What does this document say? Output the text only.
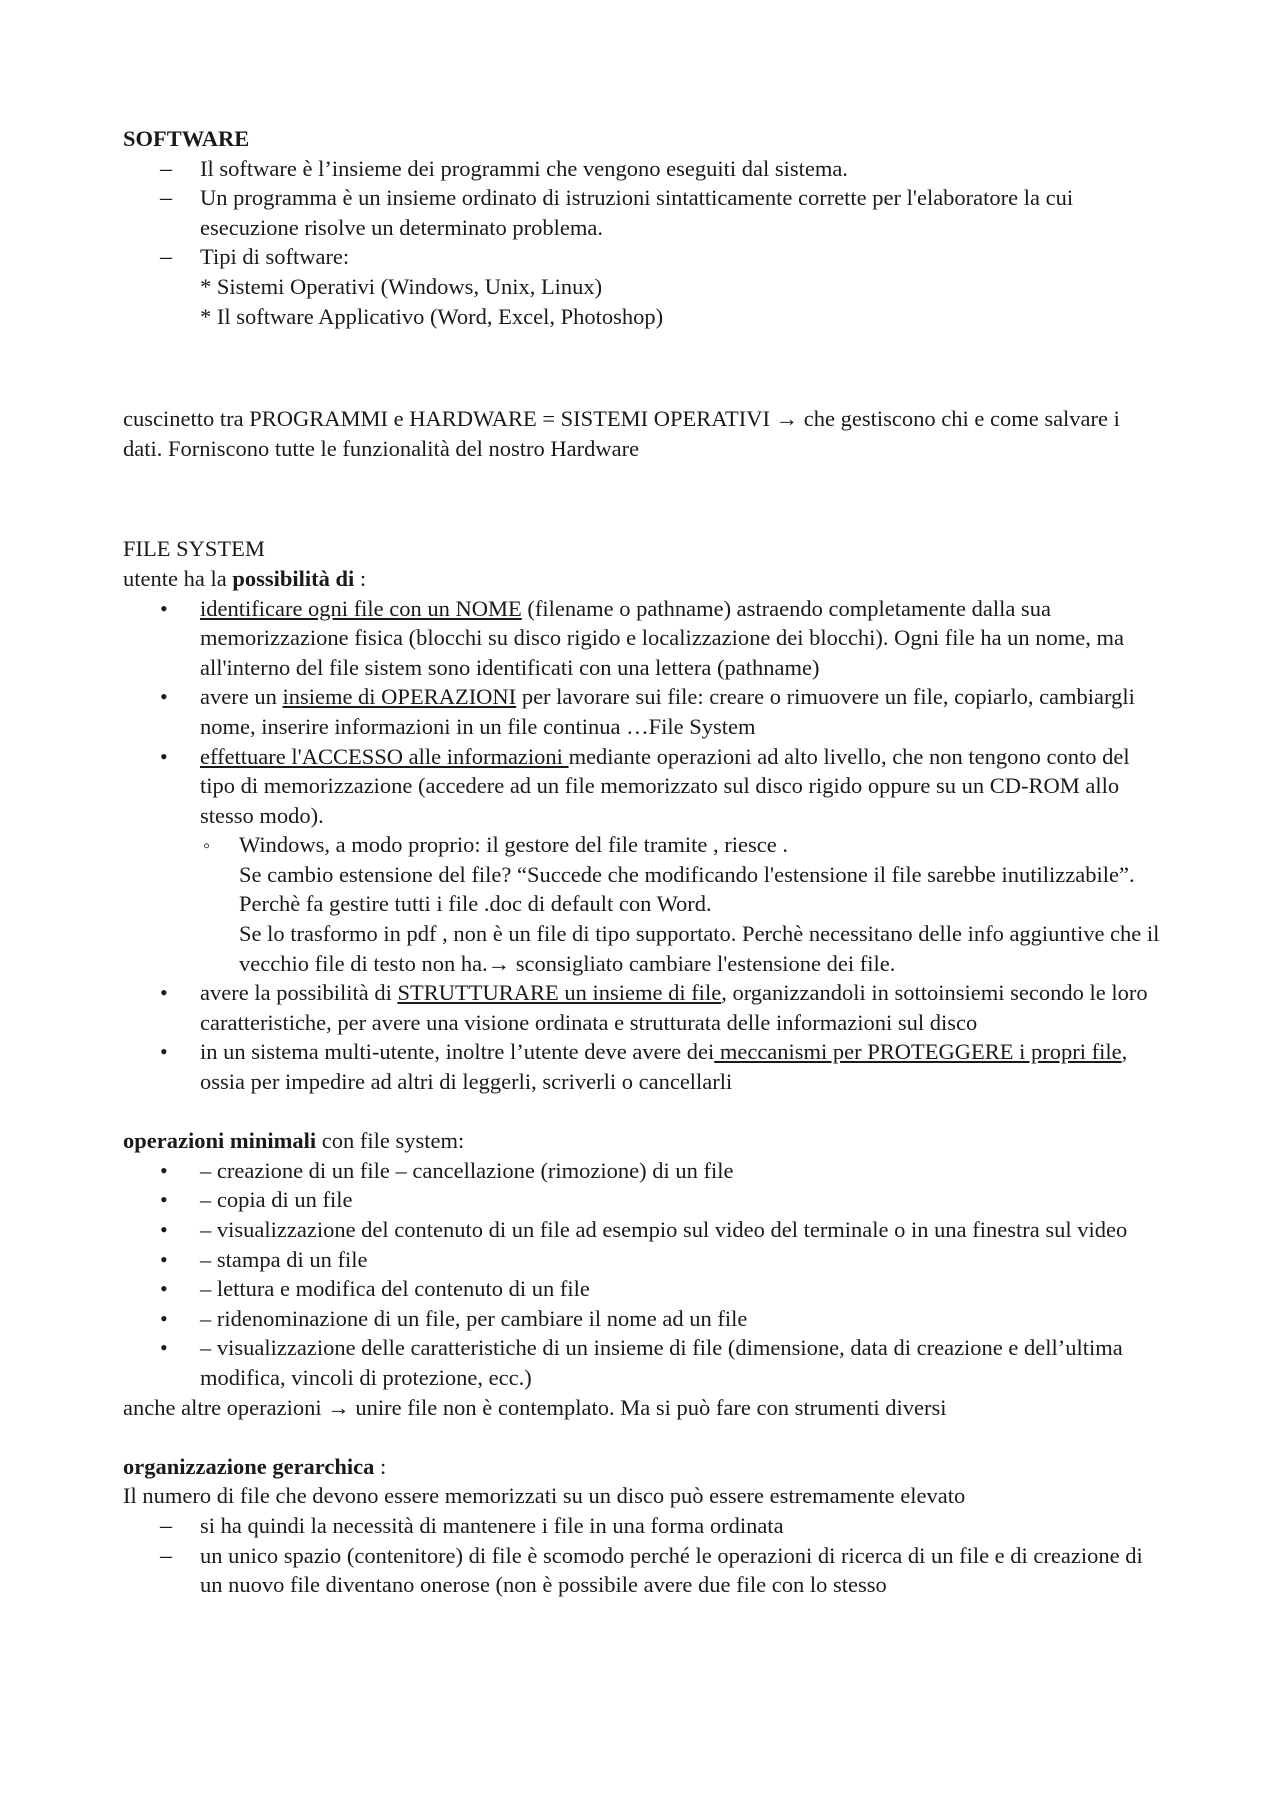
SOFTWARE

–
Il software è l’insieme dei programmi che vengono eseguiti dal sistema.
–
Un programma è un insieme ordinato di istruzioni sintatticamente corrette per l'elaboratore la cui esecuzione risolve un determinato problema.
–
Tipi di software:
* Sistemi Operativi (Windows, Unix, Linux)
* Il software Applicativo (Word, Excel, Photoshop)

cuscinetto tra PROGRAMMI e HARDWARE = SISTEMI OPERATIVI → che gestiscono chi e come salvare i dati. Forniscono tutte le funzionalità del nostro Hardware

FILE SYSTEM

utente ha la possibilità di :

•
identificare ogni file con un NOME (filename o pathname) astraendo completamente dalla sua memorizzazione fisica (blocchi su disco rigido e localizzazione dei blocchi). Ogni file ha un nome, ma all'interno del file sistem sono identificati con una lettera (pathname)
•
avere un insieme di OPERAZIONI per lavorare sui file: creare o rimuovere un file, copiarlo, cambiargli nome, inserire informazioni in un file continua …File System
•
effettuare l'ACCESSO alle informazioni mediante operazioni ad alto livello, che non tengono conto del tipo di memorizzazione (accedere ad un file memorizzato sul disco rigido oppure su un CD-ROM allo stesso modo).
◦
Windows, a modo proprio: il gestore del file tramite , riesce .
Se cambio estensione del file? “Succede che modificando l'estensione il file sarebbe inutilizzabile”. Perchè fa gestire tutti i file .doc di default con Word.
Se lo trasformo in pdf , non è un file di tipo supportato. Perchè necessitano delle info aggiuntive che il vecchio file di testo non ha.→ sconsigliato cambiare l'estensione dei file.
•
avere la possibilità di STRUTTURARE un insieme di file, organizzandoli in sottoinsiemi secondo le loro caratteristiche, per avere una visione ordinata e strutturata delle informazioni sul disco
•
in un sistema multi-utente, inoltre l’utente deve avere dei meccanismi per PROTEGGERE i propri file, ossia per impedire ad altri di leggerli, scriverli o cancellarli

operazioni minimali con file system:

•
– creazione di un file – cancellazione (rimozione) di un file
•
– copia di un file
•
– visualizzazione del contenuto di un file ad esempio sul video del terminale o in una finestra sul video
•
– stampa di un file
•
– lettura e modifica del contenuto di un file
•
– ridenominazione di un file, per cambiare il nome ad un file
•
– visualizzazione delle caratteristiche di un insieme di file (dimensione, data di creazione e dell’ultima modifica, vincoli di protezione, ecc.)

anche altre operazioni → unire file non è contemplato. Ma si può fare con strumenti diversi

organizzazione gerarchica :

Il numero di file che devono essere memorizzati su un disco può essere estremamente elevato

–
si ha quindi la necessità di mantenere i file in una forma ordinata
–
un unico spazio (contenitore) di file è scomodo perché le operazioni di ricerca di un file e di creazione di un nuovo file diventano onerose (non è possibile avere due file con lo stesso
